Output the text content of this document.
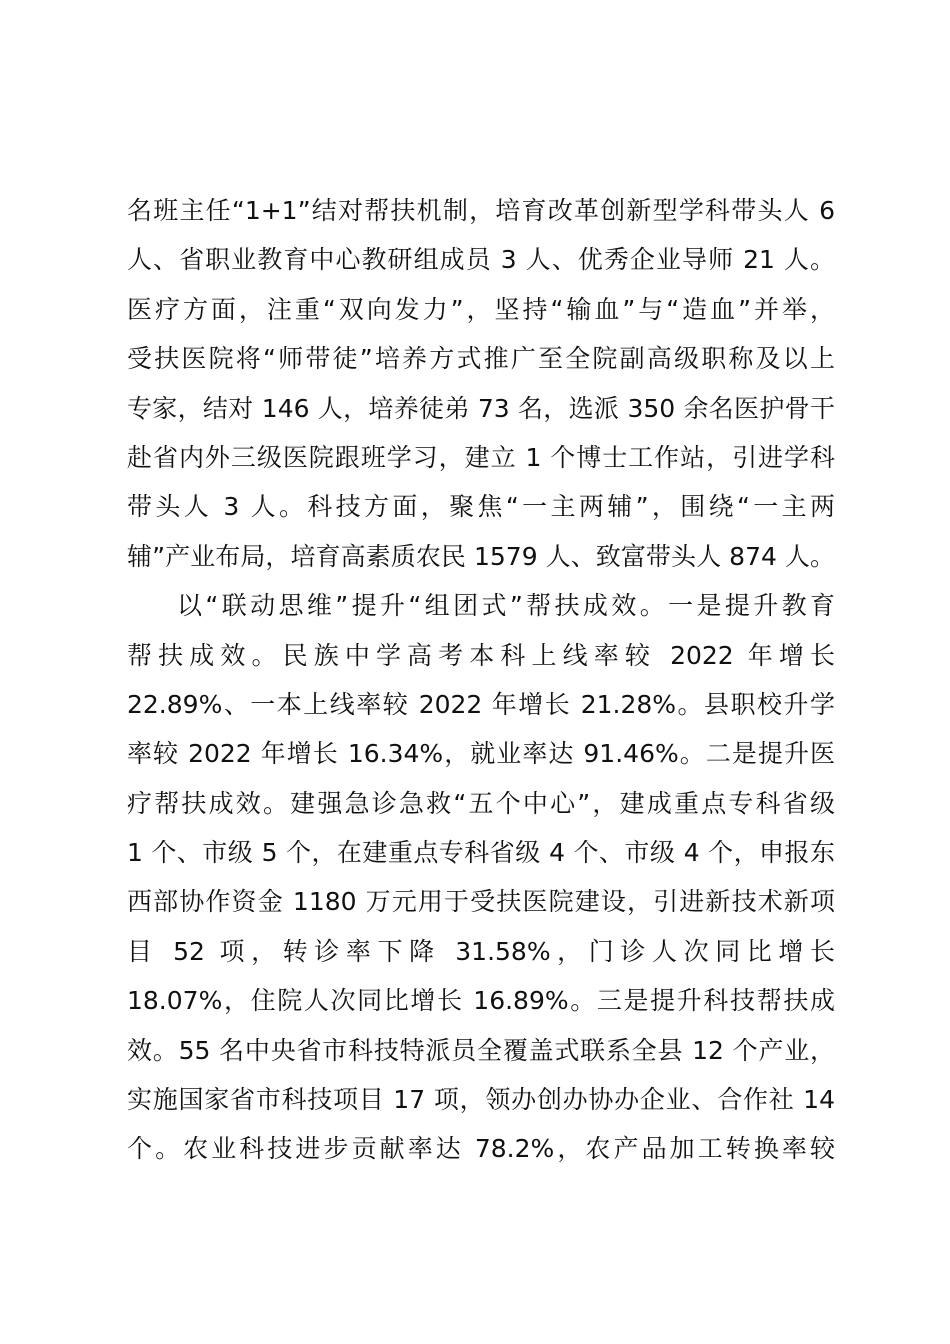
名班主任“1+1”结对帮扶机制，培育改革创新型学科带头人 6
人、省职业教育中心教研组成员 3 人、优秀企业导师 21 人。
医疗方面，注重“双向发力”，坚持“输血”与“造血”并举，
受扶医院将“师带徒”培养方式推广至全院副高级职称及以上
专家，结对 146 人，培养徒弟 73 名，选派 350 余名医护骨干
赴省内外三级医院跟班学习，建立 1 个博士工作站，引进学科
带头人 3 人。科技方面，聚焦“一主两辅”，围绕“一主两
辅”产业布局，培育高素质农民 1579 人、致富带头人 874 人。
以“联动思维”提升“组团式”帮扶成效。一是提升教育
帮扶成效。民族中学高考本科上线率较 2022 年增长
22.89%、一本上线率较 2022 年增长 21.28%。县职校升学
率较 2022 年增长 16.34%，就业率达 91.46%。二是提升医
疗帮扶成效。建强急诊急救“五个中心”，建成重点专科省级
1 个、市级 5 个，在建重点专科省级 4 个、市级 4 个，申报东
西部协作资金 1180 万元用于受扶医院建设，引进新技术新项
目 52 项，转诊率下降 31.58%，门诊人次同比增长
18.07%，住院人次同比增长 16.89%。三是提升科技帮扶成
效。55 名中央省市科技特派员全覆盖式联系全县 12 个产业，
实施国家省市科技项目 17 项，领办创办协办企业、合作社 14
个。农业科技进步贡献率达 78.2%，农产品加工转换率较
